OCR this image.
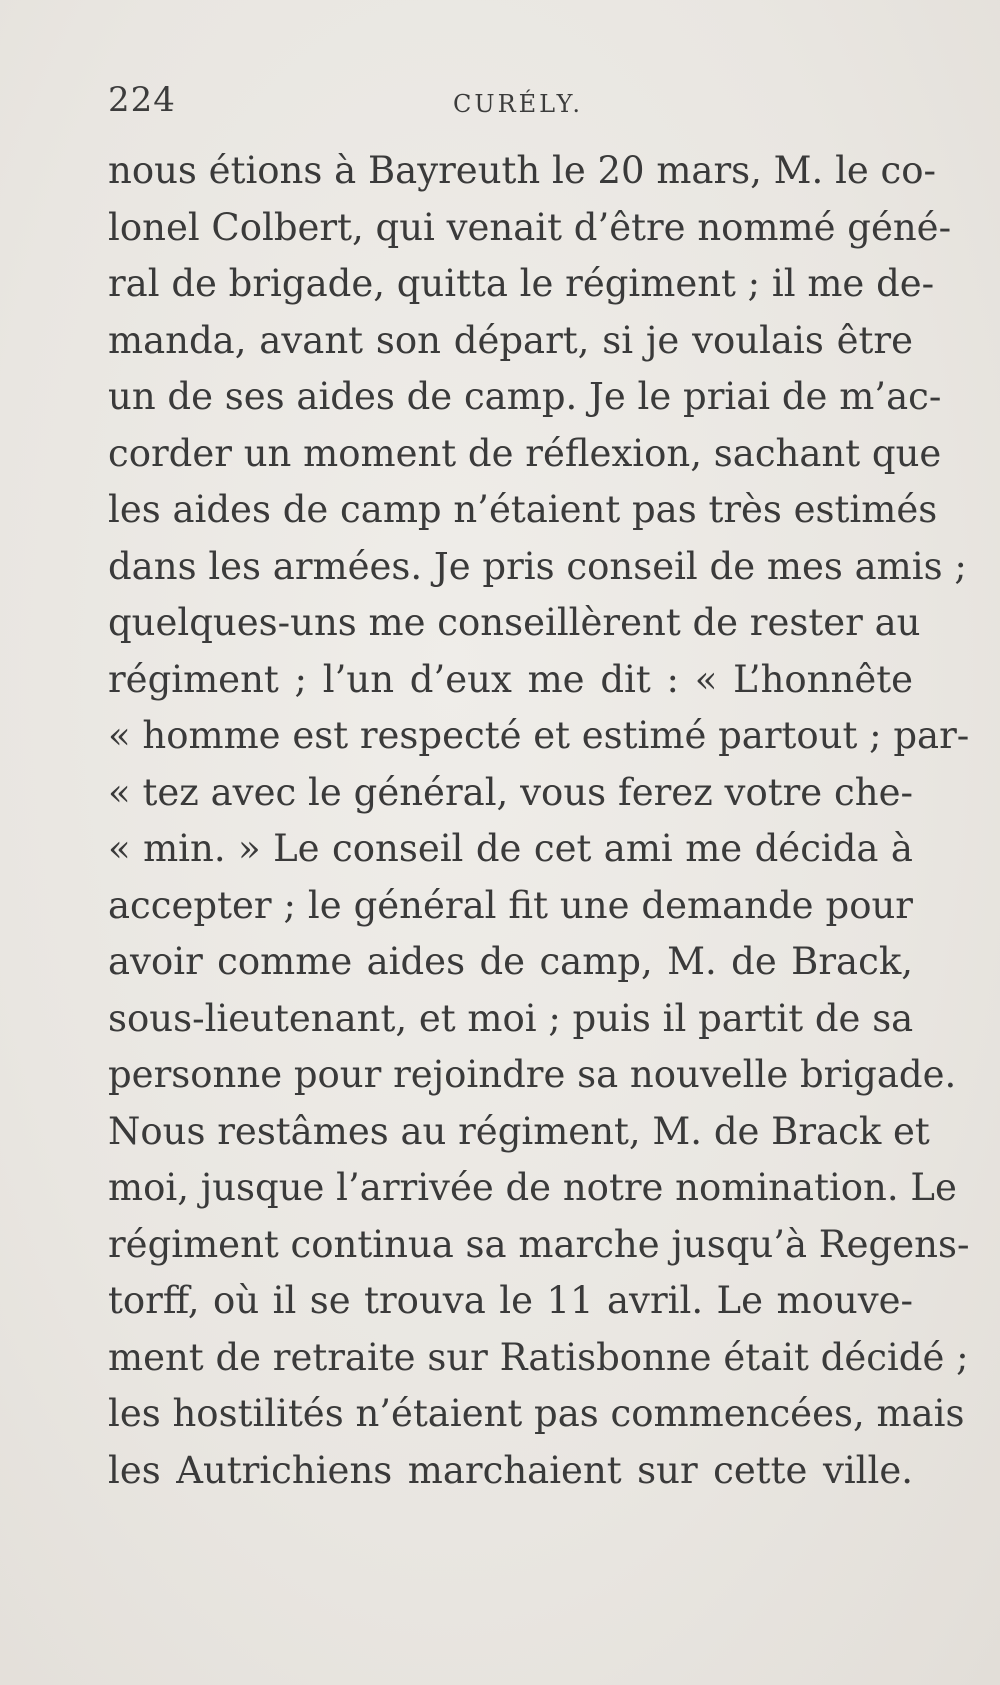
224	CURÉLY.
nous étions à Bayreuth le 20 mars, M. le co-
lonel Colbert, qui venait d’être nommé géné-
ral de brigade, quitta le régiment ; il me de-
manda, avant son départ, si je voulais être
un de ses aides de camp. Je le priai de m’ac-
corder un moment de réflexion, sachant que
les aides de camp n’étaient pas très estimés
dans les armées. Je pris conseil de mes amis ;
quelques-uns me conseillèrent de rester au
régiment ; l’un d’eux me dit : « L’honnête
« homme est respecté et estimé partout ; par-
« tez avec le général, vous ferez votre che-
« min. » Le conseil de cet ami me décida à
accepter ; le général fit une demande pour
avoir comme aides de camp, M. de Brack,
sous-lieutenant, et moi ; puis il partit de sa
personne pour rejoindre sa nouvelle brigade.
Nous restâmes au régiment, M. de Brack et
moi, jusque l’arrivée de notre nomination. Le
régiment continua sa marche jusqu’à Regens-
torff, où il se trouva le 11 avril. Le mouve-
ment de retraite sur Ratisbonne était décidé ;
les hostilités n’étaient pas commencées, mais
les Autrichiens marchaient sur cette ville.
